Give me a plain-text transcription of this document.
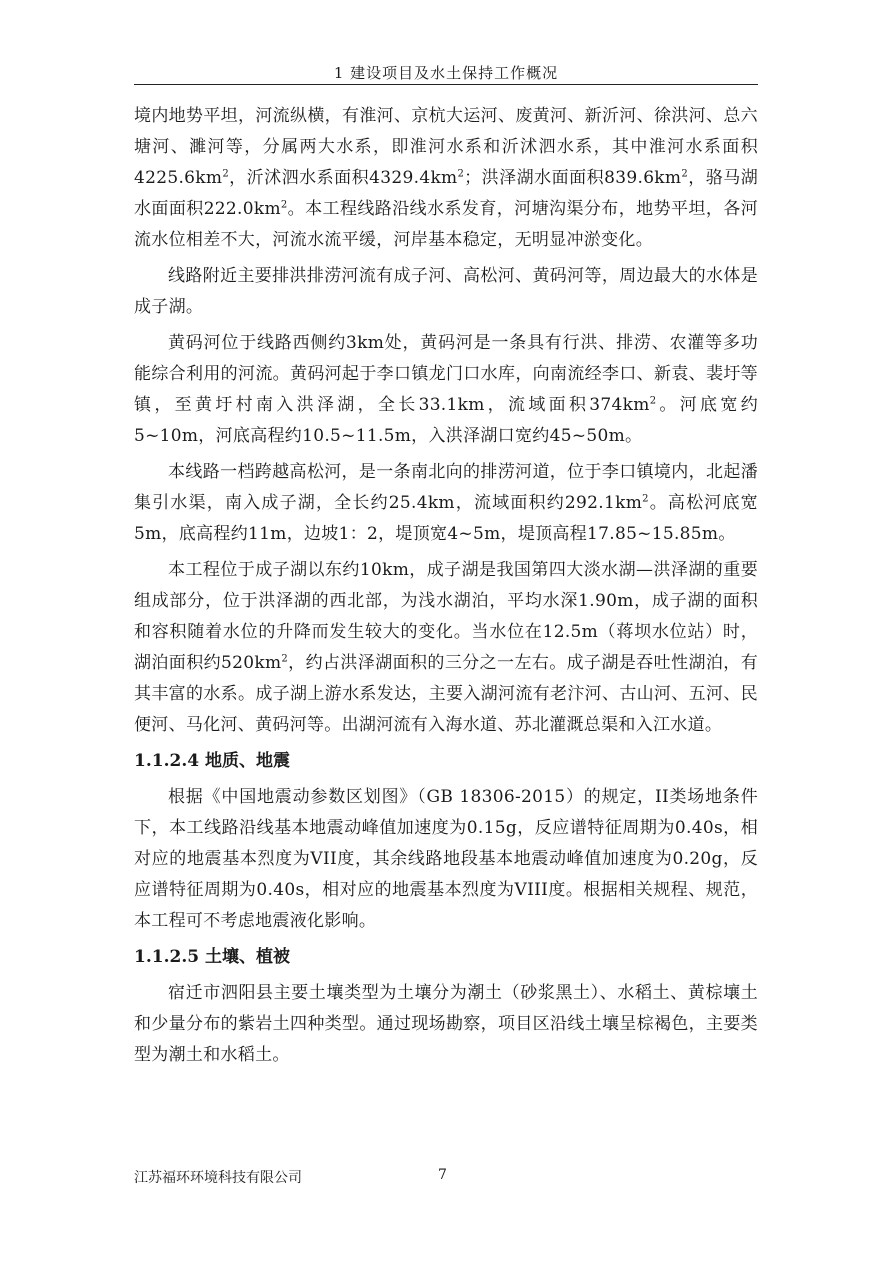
1 建设项目及水土保持工作概况

境内地势平坦，河流纵横，有淮河、京杭大运河、废黄河、新沂河、徐洪河、总六塘河、濉河等，分属两大水系，即淮河水系和沂沭泗水系，其中淮河水系面积$4225.6km^2$，沂沭泗水系面积$4329.4km^2$；洪泽湖水面面积$839.6km^2$，骆马湖水面面积$222.0km^2$。本工程线路沿线水系发育，河塘沟渠分布，地势平坦，各河流水位相差不大，河流水流平缓，河岸基本稳定，无明显冲淤变化。

线路附近主要排洪排涝河流有成子河、高松河、黄码河等，周边最大的水体是成子湖。

黄码河位于线路西侧约3km处，黄码河是一条具有行洪、排涝、农灌等多功能综合利用的河流。黄码河起于李口镇龙门口水库，向南流经李口、新袁、裴圩等镇，至黄圩村南入洪泽湖，全长33.1km，流域面积$374km^2$。河底宽约5~10m，河底高程约10.5~11.5m，入洪泽湖口宽约45~50m。

本线路一档跨越高松河，是一条南北向的排涝河道，位于李口镇境内，北起潘集引水渠，南入成子湖，全长约25.4km，流域面积约$292.1km^2$。高松河底宽5m，底高程约11m，边坡1：2，堤顶宽4~5m，堤顶高程17.85~15.85m。

本工程位于成子湖以东约10km，成子湖是我国第四大淡水湖—洪泽湖的重要组成部分，位于洪泽湖的西北部，为浅水湖泊，平均水深1.90m，成子湖的面积和容积随着水位的升降而发生较大的变化。当水位在12.5m（蒋坝水位站）时，湖泊面积约$520km^2$，约占洪泽湖面积的三分之一左右。成子湖是吞吐性湖泊，有其丰富的水系。成子湖上游水系发达，主要入湖河流有老汴河、古山河、五河、民便河、马化河、黄码河等。出湖河流有入海水道、苏北灌溉总渠和入江水道。

1.1.2.4 地质、地震

根据《中国地震动参数区划图》（GB 18306-2015）的规定，II类场地条件下，本工线路沿线基本地震动峰值加速度为0.15g，反应谱特征周期为0.40s，相对应的地震基本烈度为VII度，其余线路地段基本地震动峰值加速度为0.20g，反应谱特征周期为0.40s，相对应的地震基本烈度为VIII度。根据相关规程、规范，本工程可不考虑地震液化影响。

1.1.2.5 土壤、植被

宿迁市泗阳县主要土壤类型为土壤分为潮土（砂浆黑土）、水稻土、黄棕壤土和少量分布的紫岩土四种类型。通过现场勘察，项目区沿线土壤呈棕褐色，主要类型为潮土和水稻土。

江苏福环环境科技有限公司	7
